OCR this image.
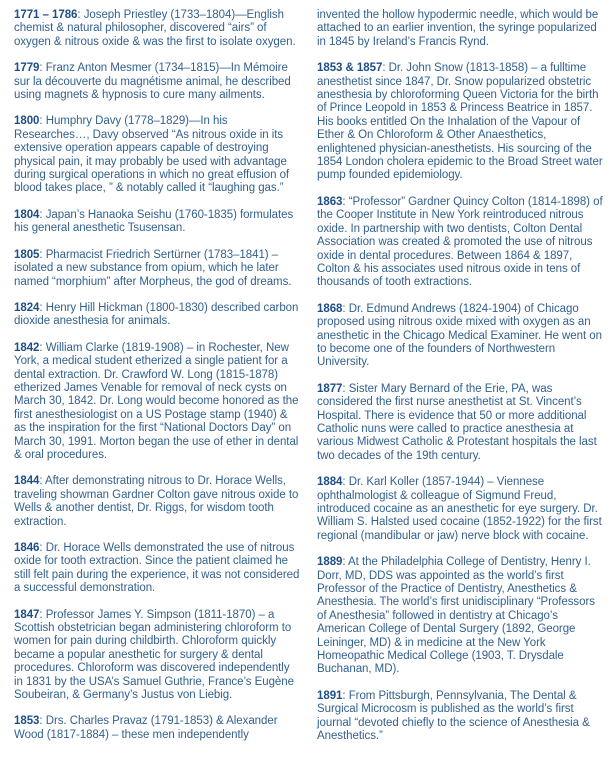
1771 – 1786: Joseph Priestley (1733–1804)—English chemist & natural philosopher, discovered “airs” of oxygen & nitrous oxide & was the first to isolate oxygen.

1779: Franz Anton Mesmer (1734–1815)—In Mémoire sur la découverte du magnétisme animal, he described using magnets & hypnosis to cure many ailments.

1800: Humphry Davy (1778–1829)—In his Researches…, Davy observed “As nitrous oxide in its extensive operation appears capable of destroying physical pain, it may probably be used with advantage during surgical operations in which no great effusion of blood takes place, ” & notably called it “laughing gas.”

1804: Japan’s Hanaoka Seishu (1760-1835) formulates his general anesthetic Tsusensan.

1805: Pharmacist Friedrich Sertürner (1783–1841) – isolated a new substance from opium, which he later named “morphium” after Morpheus, the god of dreams.

1824: Henry Hill Hickman (1800-1830) described carbon dioxide anesthesia for animals.

1842: William Clarke (1819-1908) – in Rochester, New York, a medical student etherized a single patient for a dental extraction. Dr. Crawford W. Long (1815-1878) etherized James Venable for removal of neck cysts on March 30, 1842. Dr. Long would become honored as the first anesthesiologist on a US Postage stamp (1940) & as the inspiration for the first “National Doctors Day” on March 30, 1991. Morton began the use of ether in dental & oral procedures.

1844: After demonstrating nitrous to Dr. Horace Wells, traveling showman Gardner Colton gave nitrous oxide to Wells & another dentist, Dr. Riggs, for wisdom tooth extraction.

1846: Dr. Horace Wells demonstrated the use of nitrous oxide for tooth extraction. Since the patient claimed he still felt pain during the experience, it was not considered a successful demonstration.

1847: Professor James Y. Simpson (1811-1870) – a Scottish obstetrician began administering chloroform to women for pain during childbirth. Chloroform quickly became a popular anesthetic for surgery & dental procedures. Chloroform was discovered independently in 1831 by the USA’s Samuel Guthrie, France’s Eugène Soubeiran, & Germany’s Justus von Liebig.

1853: Drs. Charles Pravaz (1791-1853) & Alexander Wood (1817-1884) – these men independently

invented the hollow hypodermic needle, which would be attached to an earlier invention, the syringe popularized in 1845 by Ireland’s Francis Rynd.

1853 & 1857: Dr. John Snow (1813-1858) – a fulltime anesthetist since 1847, Dr. Snow popularized obstetric anesthesia by chloroforming Queen Victoria for the birth of Prince Leopold in 1853 & Princess Beatrice in 1857. His books entitled On the Inhalation of the Vapour of Ether & On Chloroform & Other Anaesthetics, enlightened physician-anesthetists. His sourcing of the 1854 London cholera epidemic to the Broad Street water pump founded epidemiology.

1863: “Professor” Gardner Quincy Colton (1814-1898) of the Cooper Institute in New York reintroduced nitrous oxide. In partnership with two dentists, Colton Dental Association was created & promoted the use of nitrous oxide in dental procedures. Between 1864 & 1897, Colton & his associates used nitrous oxide in tens of thousands of tooth extractions.

1868: Dr. Edmund Andrews (1824-1904) of Chicago proposed using nitrous oxide mixed with oxygen as an anesthetic in the Chicago Medical Examiner. He went on to become one of the founders of Northwestern University.

1877: Sister Mary Bernard of the Erie, PA, was considered the first nurse anesthetist at St. Vincent’s Hospital. There is evidence that 50 or more additional Catholic nuns were called to practice anesthesia at various Midwest Catholic & Protestant hospitals the last two decades of the 19th century.

1884: Dr. Karl Koller (1857-1944) – Viennese ophthalmologist & colleague of Sigmund Freud, introduced cocaine as an anesthetic for eye surgery. Dr. William S. Halsted used cocaine (1852-1922) for the first regional (mandibular or jaw) nerve block with cocaine.

1889: At the Philadelphia College of Dentistry, Henry I. Dorr, MD, DDS was appointed as the world’s first Professor of the Practice of Dentistry, Anesthetics & Anesthesia. The world’s first unidisciplinary “Professors of Anesthesia” followed in dentistry at Chicago’s American College of Dental Surgery (1892, George Leininger, MD) & in medicine at the New York Homeopathic Medical College (1903, T. Drysdale Buchanan, MD).

1891: From Pittsburgh, Pennsylvania, The Dental & Surgical Microcosm is published as the world’s first journal “devoted chiefly to the science of Anesthesia & Anesthetics.”
